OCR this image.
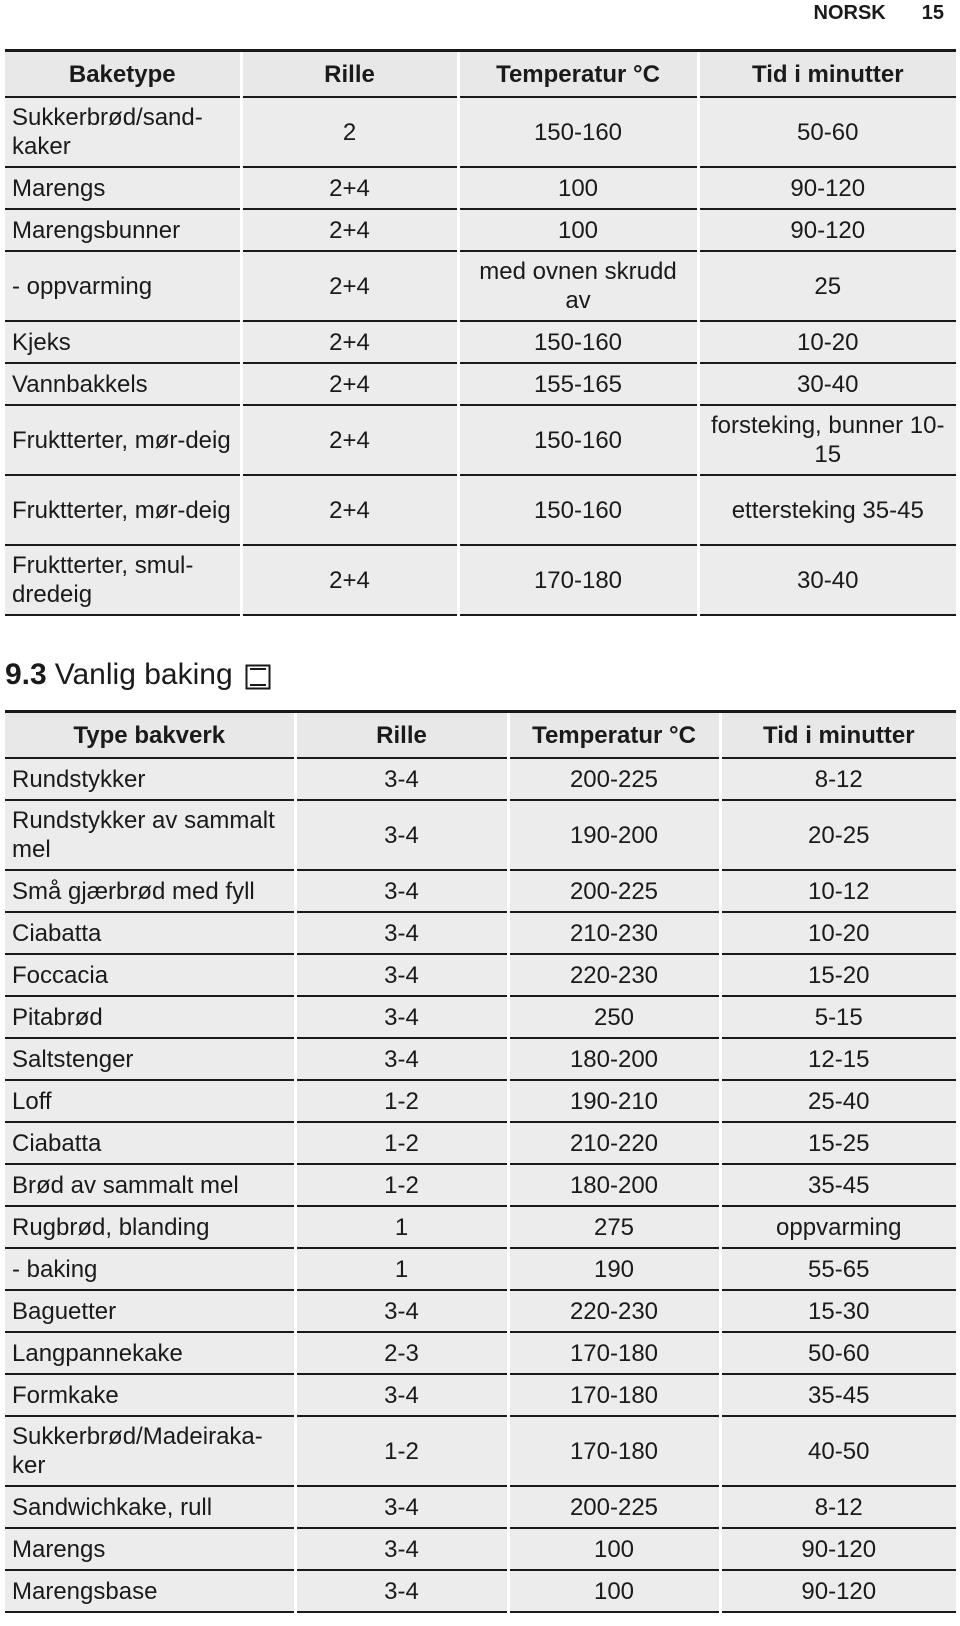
NORSK 15
Baketype	Rille	Temperatur °C	Tid i minutter
Sukkerbrød/sand-kaker	2	150-160	50-60
Marengs	2+4	100	90-120
Marengsbunner	2+4	100	90-120
- oppvarming	2+4	med ovnen skrudd av	25
Kjeks	2+4	150-160	10-20
Vannbakkels	2+4	155-165	30-40
Fruktterter, mør-deig	2+4	150-160	forsteking, bunner 10-15
Fruktterter, mør-deig	2+4	150-160	ettersteking 35-45
Fruktterter, smul-dredeig	2+4	170-180	30-40
9.3 Vanlig baking
Type bakverk	Rille	Temperatur °C	Tid i minutter
Rundstykker	3-4	200-225	8-12
Rundstykker av sammalt mel	3-4	190-200	20-25
Små gjærbrød med fyll	3-4	200-225	10-12
Ciabatta	3-4	210-230	10-20
Foccacia	3-4	220-230	15-20
Pitabrød	3-4	250	5-15
Saltstenger	3-4	180-200	12-15
Loff	1-2	190-210	25-40
Ciabatta	1-2	210-220	15-25
Brød av sammalt mel	1-2	180-200	35-45
Rugbrød, blanding	1	275	oppvarming
- baking	1	190	55-65
Baguetter	3-4	220-230	15-30
Langpannekake	2-3	170-180	50-60
Formkake	3-4	170-180	35-45
Sukkerbrød/Madeiraka-ker	1-2	170-180	40-50
Sandwichkake, rull	3-4	200-225	8-12
Marengs	3-4	100	90-120
Marengsbase	3-4	100	90-120
